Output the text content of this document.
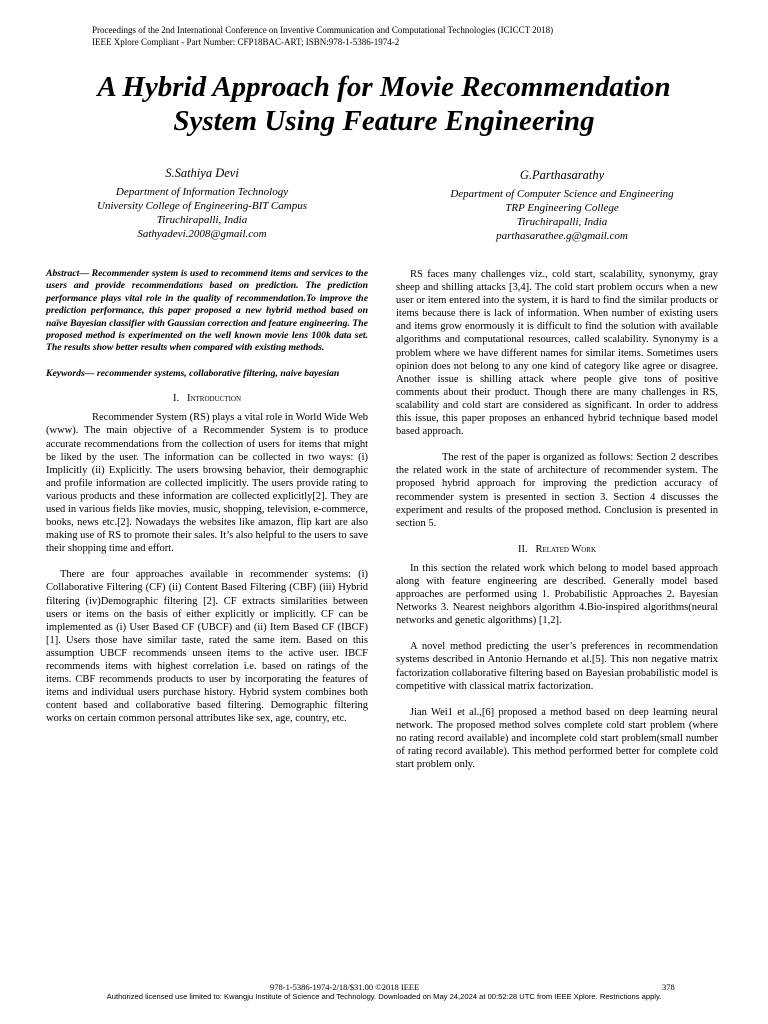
Proceedings of the 2nd International Conference on Inventive Communication and Computational Technologies (ICICCT 2018)
IEEE Xplore Compliant - Part Number: CFP18BAC-ART; ISBN:978-1-5386-1974-2
A Hybrid Approach for Movie Recommendation
System Using Feature Engineering
S.Sathiya Devi
Department of Information Technology
University College of Engineering-BIT Campus
Tiruchirapalli, India
Sathyadevi.2008@gmail.com
G.Parthasarathy
Department of Computer Science and Engineering
TRP Engineering College
Tiruchirapalli, India
parthasarathee.g@gmail.com
Abstract— Recommender system is used to recommend items and services to the users and provide recommendations based on prediction. The prediction performance plays vital role in the quality of recommendation.To improve the prediction performance, this paper proposed a new hybrid method based on naïve Bayesian classifier with Gaussian correction and feature engineering. The proposed method is experimented on the well known movie lens 100k data set. The results show better results when compared with existing methods.
Keywords— recommender systems, collaborative filtering, naive bayesian
I. Introduction

Recommender System (RS) plays a vital role in World Wide Web (www). The main objective of a Recommender System is to produce accurate recommendations from the collection of users for items that might be liked by the user. The information can be collected in two ways: (i) Implicitly (ii) Explicitly. The users browsing behavior, their demographic and profile information are collected implicitly. The users provide rating to various products and these information are collected explicitly[2]. They are used in various fields like movies, music, shopping, television, e-commerce, books, news etc.[2]. Nowadays the websites like amazon, flip kart are also making use of RS to promote their sales. It’s also helpful to the users to save their shopping time and effort.

There are four approaches available in recommender systems: (i) Collaborative Filtering (CF) (ii) Content Based Filtering (CBF) (iii) Hybrid filtering (iv)Demographic filtering [2]. CF extracts similarities between users or items on the basis of either explicitly or implicitly. CF can be implemented as (i) User Based CF (UBCF) and (ii) Item Based CF (IBCF) [1]. Users those have similar taste, rated the same item. Based on this assumption UBCF recommends unseen items to the active user. IBCF recommends items with highest correlation i.e. based on ratings of the items. CBF recommends products to user by incorporating the features of items and individual users purchase history. Hybrid system combines both content based and collaborative based filtering. Demographic filtering works on certain common personal attributes like sex, age, country, etc.

RS faces many challenges viz., cold start, scalability, synonymy, gray sheep and shilling attacks [3,4]. The cold start problem occurs when a new user or item entered into the system, it is hard to find the similar products or items because there is lack of information. When number of existing users and items grow enormously it is difficult to find the solution with available algorithms and computational resources, called scalability. Synonymy is a problem where we have different names for similar items. Sometimes users opinion does not belong to any one kind of category like agree or disagree. Another issue is shilling attack where people give tons of positive comments about their product. Though there are many challenges in RS, scalability and cold start are considered as significant. In order to address this issue, this paper proposes an enhanced hybrid technique based model based approach.

The rest of the paper is organized as follows: Section 2 describes the related work in the state of architecture of recommender system. The proposed hybrid approach for improving the prediction accuracy of recommender system is presented in section 3. Section 4 discusses the experiment and results of the proposed method. Conclusion is presented in section 5.

II. Related Work

In this section the related work which belong to model based approach along with feature engineering are described. Generally model based approaches are performed using 1. Probabilistic Approaches 2. Bayesian Networks 3. Nearest neighbors algorithm 4.Bio-inspired algorithms(neural networks and genetic algorithms) [1,2].

A novel method predicting the user’s preferences in recommendation systems described in Antonio Hernando et al.[5]. This non negative matrix factorization collaborative filtering based on Bayesian probabilistic model is competitive with classical matrix factorization.

Jian Wei1 et al.,[6] proposed a method based on deep learning neural network. The proposed method solves complete cold start problem (where no rating record available) and incomplete cold start problem(small number of rating record available). This method performed better for complete cold start problem only.

978-1-5386-1974-2/18/$31.00 ©2018 IEEE	378
Authorized licensed use limited to: Kwangju Institute of Science and Technology. Downloaded on May 24,2024 at 00:52:28 UTC from IEEE Xplore. Restrictions apply.
